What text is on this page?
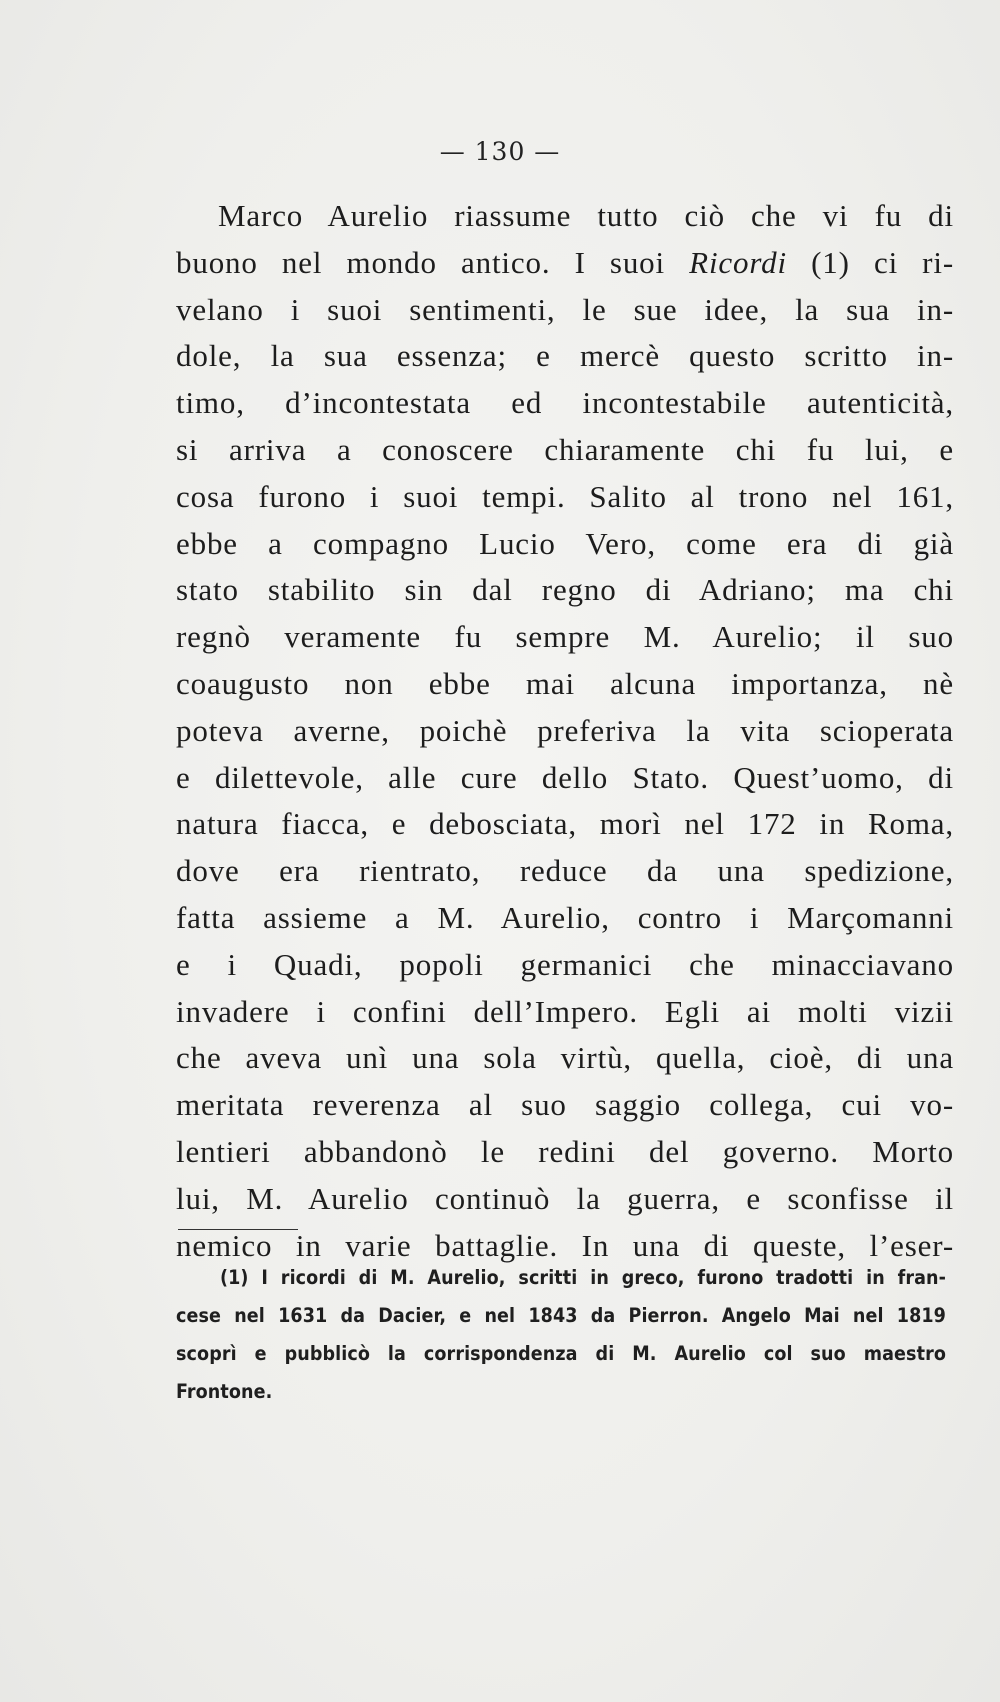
— 130 —
Marco Aurelio riassume tutto ciò che vi fu di
buono nel mondo antico. I suoi Ricordi (1) ci ri-
velano i suoi sentimenti, le sue idee, la sua in-
dole, la sua essenza; e mercè questo scritto in-
timo, d’incontestata ed incontestabile autenticità,
si arriva a conoscere chiaramente chi fu lui, e
cosa furono i suoi tempi. Salito al trono nel 161,
ebbe a compagno Lucio Vero, come era di già
stato stabilito sin dal regno di Adriano; ma chi
regnò veramente fu sempre M. Aurelio; il suo
coaugusto non ebbe mai alcuna importanza, nè
poteva averne, poichè preferiva la vita scioperata
e dilettevole, alle cure dello Stato. Quest’uomo, di
natura fiacca, e debosciata, morì nel 172 in Roma,
dove era rientrato, reduce da una spedizione,
fatta assieme a M. Aurelio, contro i Marçomanni
e i Quadi, popoli germanici che minacciavano
invadere i confini dell’Impero. Egli ai molti vizii
che aveva unì una sola virtù, quella, cioè, di una
meritata reverenza al suo saggio collega, cui vo-
lentieri abbandonò le redini del governo. Morto
lui, M. Aurelio continuò la guerra, e sconfisse il
nemico in varie battaglie. In una di queste, l’eser-
(1) I ricordi di M. Aurelio, scritti in greco, furono tradotti in fran-
cese nel 1631 da Dacier, e nel 1843 da Pierron. Angelo Mai nel 1819
scoprì e pubblicò la corrispondenza di M. Aurelio col suo maestro
Frontone.
